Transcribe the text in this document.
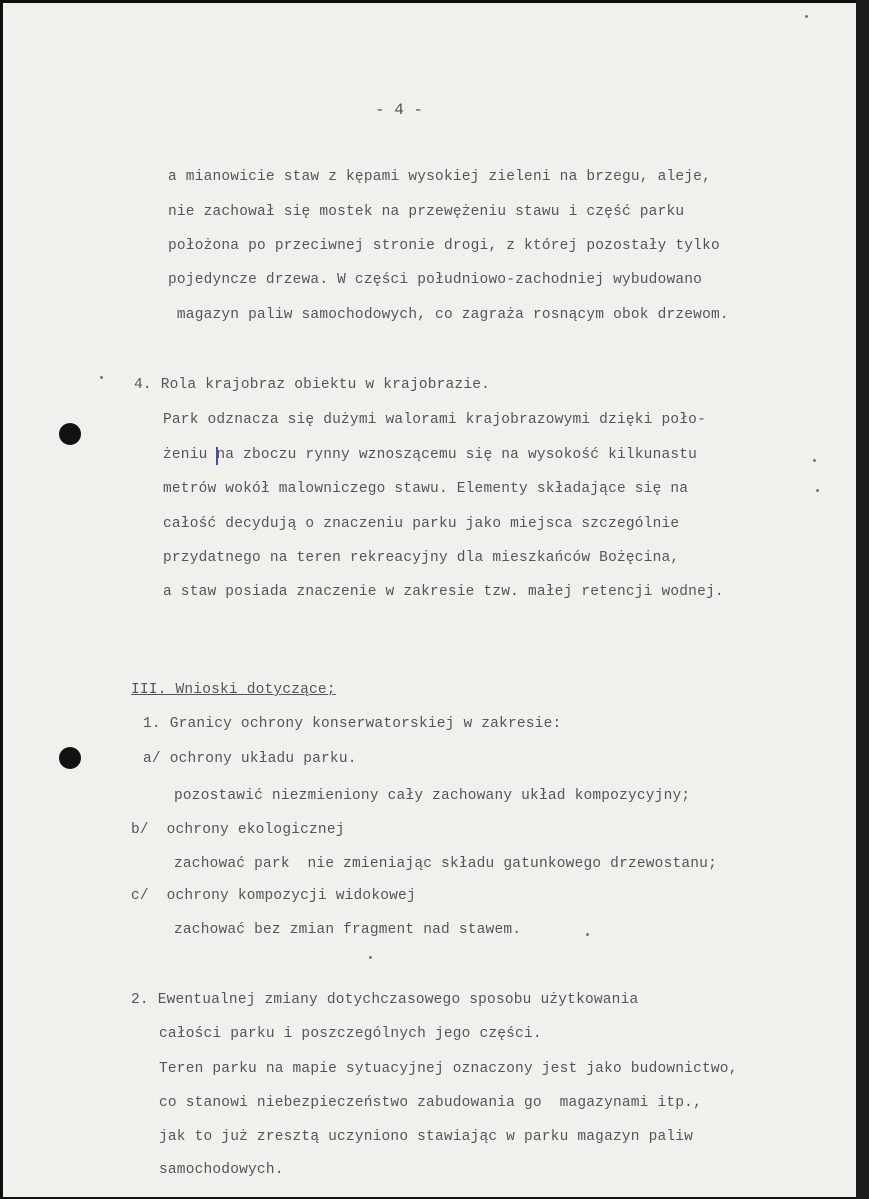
- 4 -
a mianowicie staw z kępami wysokiej zieleni na brzegu, aleje,
nie zachował się mostek na przewężeniu stawu i część parku
położona po przeciwnej stronie drogi, z której pozostały tylko
pojedyncze drzewa. W części południowo-zachodniej wybudowano
magazyn paliw samochodowych, co zagraża rosnącym obok drzewom.
4. Rola krajobraz obiektu w krajobrazie.
Park odznacza się dużymi walorami krajobrazowymi dzięki poło-
żeniu na zboczu rynny wznoszącemu się na wysokość kilkunastu
metrów wokół malowniczego stawu. Elementy składające się na
całość decydują o znaczeniu parku jako miejsca szczególnie
przydatnego na teren rekreacyjny dla mieszkańców Bożęcina,
a staw posiada znaczenie w zakresie tzw. małej retencji wodnej.
III. Wnioski dotyczące;
1. Granicy ochrony konserwatorskiej w zakresie:
a/ ochrony układu parku.
pozostawić niezmieniony cały zachowany układ kompozycyjny;
b/  ochrony ekologicznej
zachować park  nie zmieniając składu gatunkowego drzewostanu;
c/  ochrony kompozycji widokowej
zachować bez zmian fragment nad stawem.
2. Ewentualnej zmiany dotychczasowego sposobu użytkowania
całości parku i poszczególnych jego części.
Teren parku na mapie sytuacyjnej oznaczony jest jako budownictwo,
co stanowi niebezpieczeństwo zabudowania go  magazynami itp.,
jak to już zresztą uczyniono stawiając w parku magazyn paliw
samochodowych.
